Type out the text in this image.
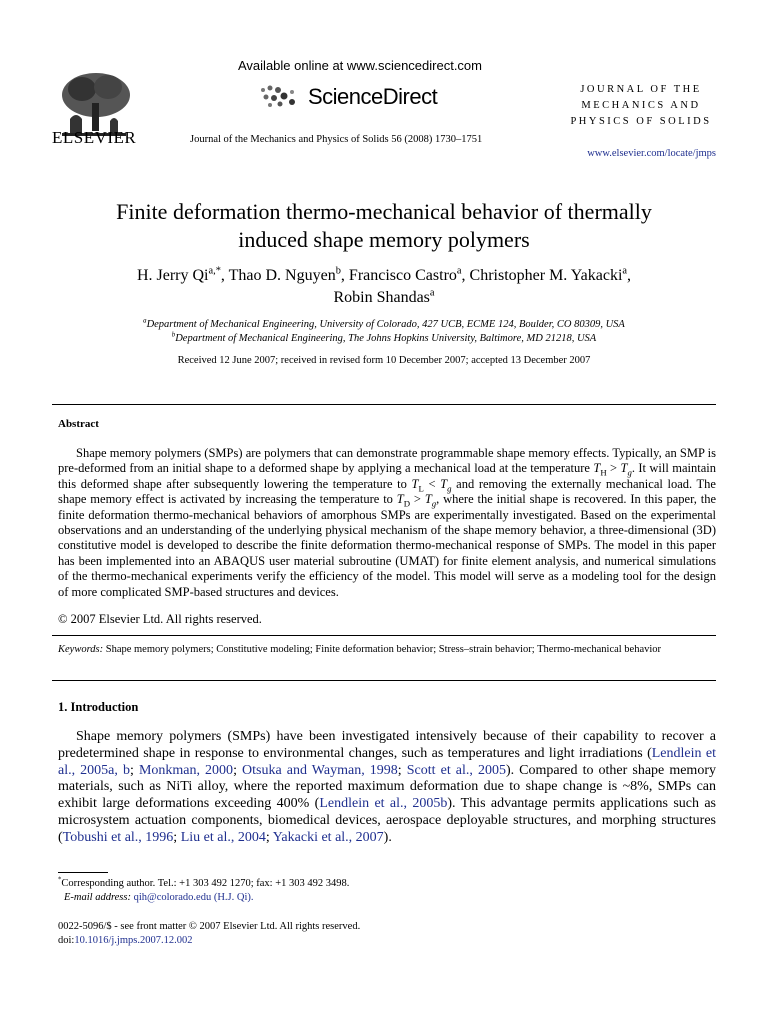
ELSEVIER
Available online at www.sciencedirect.com
ScienceDirect
Journal of the Mechanics and Physics of Solids 56 (2008) 1730–1751
JOURNAL OF THE
MECHANICS AND
PHYSICS OF SOLIDS
www.elsevier.com/locate/jmps
Finite deformation thermo-mechanical behavior of thermally
induced shape memory polymers
H. Jerry $Qi^{a,*}$, Thao D. Nguyen$^b$, Francisco Castro$^a$, Christopher M. Yakacki$^a$,
Robin Shandas$^a$
$^a$Department of Mechanical Engineering, University of Colorado, 427 UCB, ECME 124, Boulder, CO 80309, USA
$^b$Department of Mechanical Engineering, The Johns Hopkins University, Baltimore, MD 21218, USA
Received 12 June 2007; received in revised form 10 December 2007; accepted 13 December 2007
Abstract
Shape memory polymers (SMPs) are polymers that can demonstrate programmable shape memory effects. Typically, an SMP is pre-deformed from an initial shape to a deformed shape by applying a mechanical load at the temperature $T_H > T_g$. It will maintain this deformed shape after subsequently lowering the temperature to $T_L < T_g$ and removing the externally mechanical load. The shape memory effect is activated by increasing the temperature to $T_D > T_g$, where the initial shape is recovered. In this paper, the finite deformation thermo-mechanical behaviors of amorphous SMPs are experimentally investigated. Based on the experimental observations and an understanding of the underlying physical mechanism of the shape memory behavior, a three-dimensional (3D) constitutive model is developed to describe the finite deformation thermo-mechanical response of SMPs. The model in this paper has been implemented into an ABAQUS user material subroutine (UMAT) for finite element analysis, and numerical simulations of the thermo-mechanical experiments verify the efficiency of the model. This model will serve as a modeling tool for the design of more complicated SMP-based structures and devices.
© 2007 Elsevier Ltd. All rights reserved.
Keywords: Shape memory polymers; Constitutive modeling; Finite deformation behavior; Stress–strain behavior; Thermo-mechanical behavior
1. Introduction
Shape memory polymers (SMPs) have been investigated intensively because of their capability to recover a predetermined shape in response to environmental changes, such as temperatures and light irradiations (Lendlein et al., 2005a, b; Monkman, 2000; Otsuka and Wayman, 1998; Scott et al., 2005). Compared to other shape memory materials, such as NiTi alloy, where the reported maximum deformation due to shape change is ~8%, SMPs can exhibit large deformations exceeding 400% (Lendlein et al., 2005b). This advantage permits applications such as microsystem actuation components, biomedical devices, aerospace deployable structures, and morphing structures (Tobushi et al., 1996; Liu et al., 2004; Yakacki et al., 2007).
*Corresponding author. Tel.: +1 303 492 1270; fax: +1 303 492 3498.
E-mail address: qih@colorado.edu (H.J. Qi).
0022-5096/$ - see front matter © 2007 Elsevier Ltd. All rights reserved.
doi:10.1016/j.jmps.2007.12.002
